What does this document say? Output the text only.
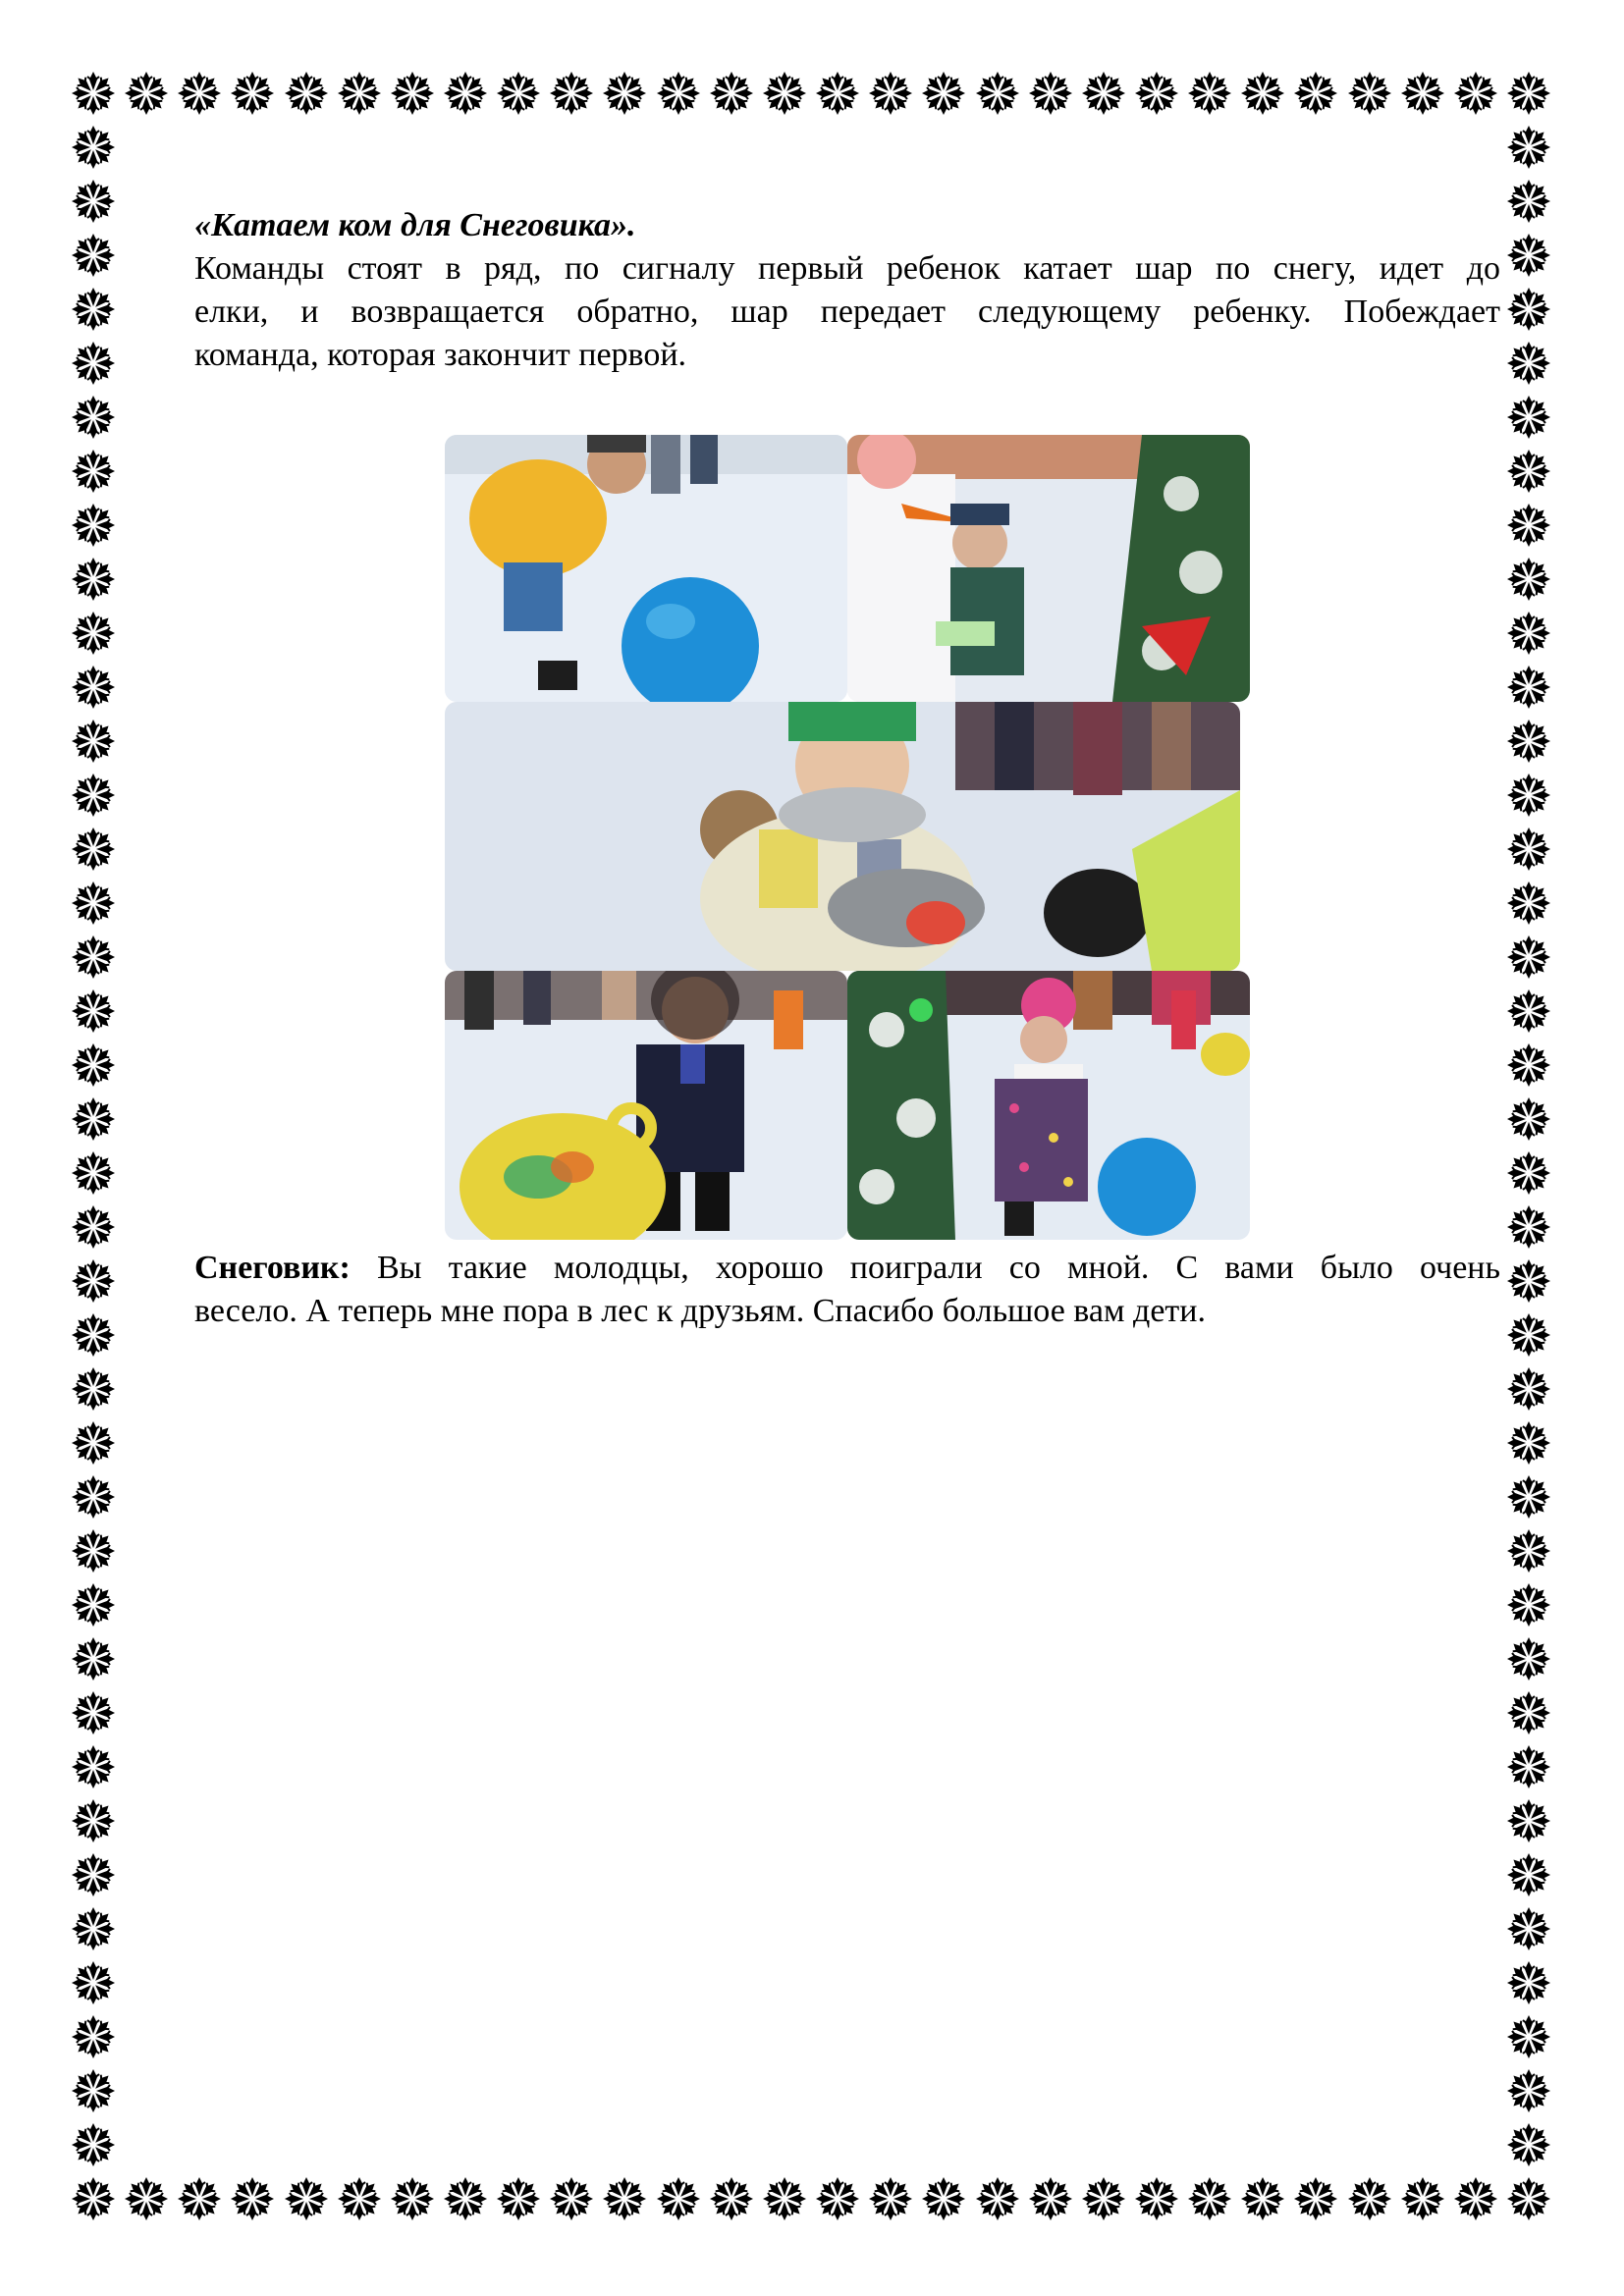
«Катаем ком для Снеговика».

Команды стоят в ряд, по сигналу первый ребенок катает шар по снегу, идет до

елки, и возвращается обратно, шар передает следующему ребенку. Побеждает

команда, которая закончит первой.

Снеговик: Вы такие молодцы, хорошо поиграли со мной. С вами было очень

весело. А теперь мне пора в лес к друзьям. Спасибо большое вам дети.
